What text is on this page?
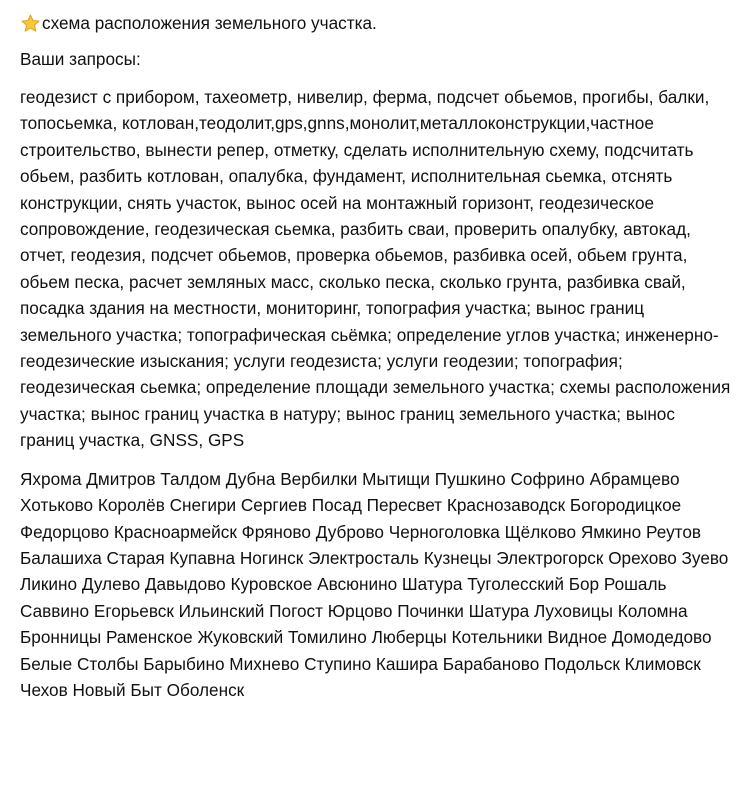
схема расположения земельного участка.
Ваши запросы:

геодезист с прибором, тахеометр, нивелир, ферма, подсчет обьемов, прогибы, балки, топосьемка, котлован,теодолит,gps,gnns,монолит,металлоконструкции,частное строительство, вынести репер, отметку, сделать исполнительную схему, подсчитать обьем, разбить котлован, опалубка, фундамент, исполнительная сьемка, отснять конструкции, снять участок, вынос осей на монтажный горизонт, геодезическое сопровождение, геодезическая сьемка, разбить сваи, проверить опалубку, автокад, отчет, геодезия, подсчет обьемов, проверка обьемов, разбивка осей, обьем грунта, обьем песка, расчет земляных масс, сколько песка, сколько грунта, разбивка свай, посадка здания на местности, мониторинг, топография участка; вынос границ земельного участка; топографическая сьёмка; определение углов участка; инженерно-геодезические изыскания; услуги геодезиста; услуги геодезии; топография; геодезическая сьемка; определение площади земельного участка; схемы расположения участка; вынос границ участка в натуру; вынос границ земельного участка; вынос границ участка, GNSS, GPS

Яхрома Дмитров Талдом Дубна Вербилки Мытищи Пушкино Софрино Абрамцево Хотьково Королёв Снегири Сергиев Посад Пересвет Краснозаводск Богородицкое Федорцово Красноармейск Фряново Дуброво Черноголовка Щёлково Ямкино Реутов Балашиха Старая Купавна Ногинск Электросталь Кузнецы Электрогорск Орехово Зуево Ликино Дулево Давыдово Куровское Авсюнино Шатура Туголесский Бор Рошаль Саввино Егорьевск Ильинский Погост Юрцово Починки Шатура Луховицы Коломна Бронницы Раменское Жуковский Томилино Люберцы Котельники Видное Домодедово Белые Столбы Барыбино Михнево Ступино Кашира Барабаново Подольск Климовск Чехов Новый Быт Оболенск
